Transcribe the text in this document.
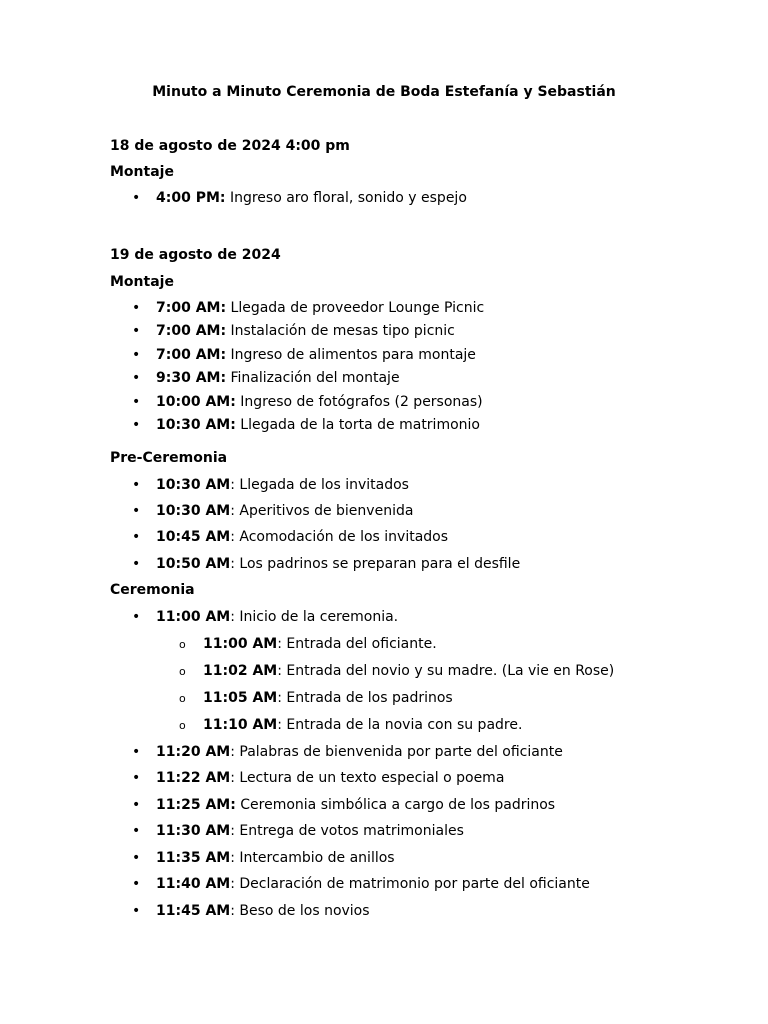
Minuto a Minuto Ceremonia de Boda Estefanía y Sebastián
18 de agosto de 2024 4:00 pm
Montaje
• 4:00 PM: Ingreso aro floral, sonido y espejo
19 de agosto de 2024
Montaje
• 7:00 AM: Llegada de proveedor Lounge Picnic
• 7:00 AM: Instalación de mesas tipo picnic
• 7:00 AM: Ingreso de alimentos para montaje
• 9:30 AM: Finalización del montaje
• 10:00 AM: Ingreso de fotógrafos (2 personas)
• 10:30 AM: Llegada de la torta de matrimonio
Pre-Ceremonia
• 10:30 AM: Llegada de los invitados
• 10:30 AM: Aperitivos de bienvenida
• 10:45 AM: Acomodación de los invitados
• 10:50 AM: Los padrinos se preparan para el desfile
Ceremonia
• 11:00 AM: Inicio de la ceremonia.
o 11:00 AM: Entrada del oficiante.
o 11:02 AM: Entrada del novio y su madre. (La vie en Rose)
o 11:05 AM: Entrada de los padrinos
o 11:10 AM: Entrada de la novia con su padre.
• 11:20 AM: Palabras de bienvenida por parte del oficiante
• 11:22 AM: Lectura de un texto especial o poema
• 11:25 AM: Ceremonia simbólica a cargo de los padrinos
• 11:30 AM: Entrega de votos matrimoniales
• 11:35 AM: Intercambio de anillos
• 11:40 AM: Declaración de matrimonio por parte del oficiante
• 11:45 AM: Beso de los novios
